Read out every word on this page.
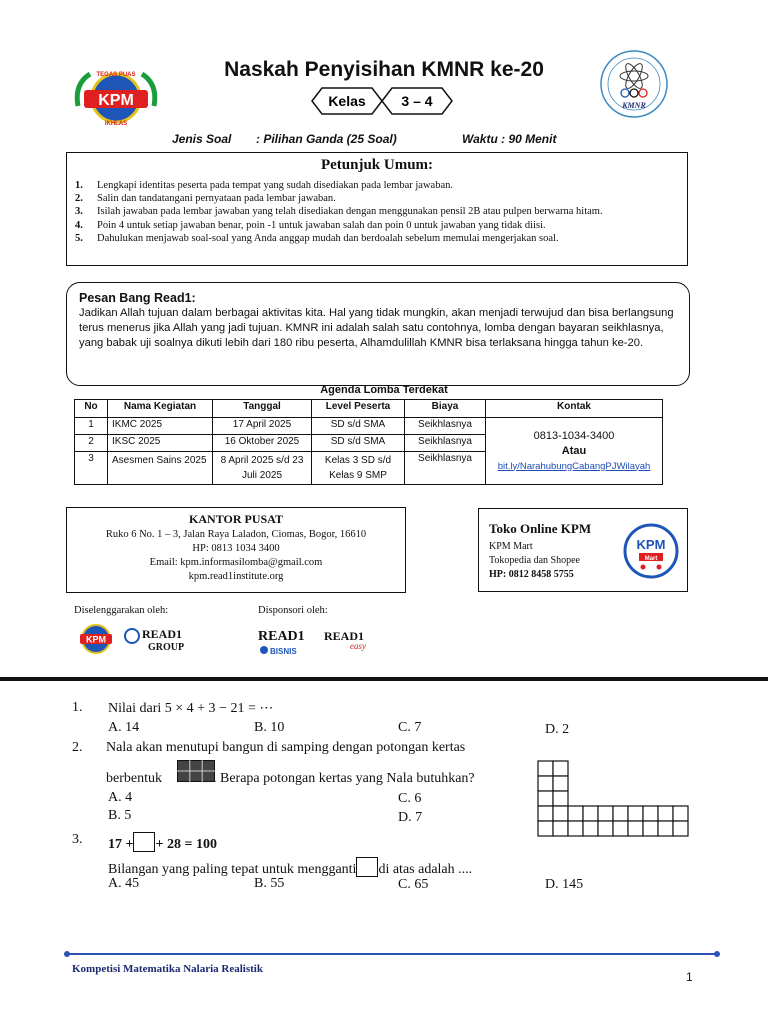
KPM
TEGAS PUAS
IKHLAS
Naskah Penyisihan KMNR ke-20
Kelas	3 – 4	KMNR
Jenis Soal : Pilihan Ganda (25 Soal)	Waktu : 90 Menit
Petunjuk Umum:
1.	Lengkapi identitas peserta pada tempat yang sudah disediakan pada lembar jawaban.
2.	Salin dan tandatangani pernyataan pada lembar jawaban.
3.	Isilah jawaban pada lembar jawaban yang telah disediakan dengan menggunakan pensil 2B atau pulpen berwarna hitam.
4.	Poin 4 untuk setiap jawaban benar, poin -1 untuk jawaban salah dan poin 0 untuk jawaban yang tidak diisi.
5.	Dahulukan menjawab soal-soal yang Anda anggap mudah dan berdoalah sebelum memulai mengerjakan soal.
Pesan Bang Read1:
Jadikan Allah tujuan dalam berbagai aktivitas kita. Hal yang tidak mungkin, akan menjadi terwujud dan bisa berlangsung terus menerus jika Allah yang jadi tujuan. KMNR ini adalah salah satu contohnya, lomba dengan bayaran seikhlasnya, yang babak uji soalnya dikuti lebih dari 180 ribu peserta, Alhamdulillah KMNR bisa terlaksana hingga tahun ke-20.
Agenda Lomba Terdekat
No	Nama Kegiatan	Tanggal	Level Peserta	Biaya	Kontak
1	IKMC 2025	17 April 2025	SD s/d SMA	Seikhlasnya	0813-1034-3400
Atau
bit.ly/NarahubungCabangPJWilayah

2	IKSC 2025	16 Oktober 2025	SD s/d SMA	Seikhlasnya	
3	Asesmen Sains 2025	8 April 2025 s/d 23 Juli 2025	Kelas 3 SD s/d Kelas 9 SMP	Seikhlasnya	
KANTOR PUSAT
Ruko 6 No. 1 – 3, Jalan Raya Laladon, Ciomas, Bogor, 16610
HP: 0813 1034 3400
Email: kpm.informasilomba@gmail.com
kpm.read1institute.org
Toko Online KPM
KPM Mart
Tokopedia dan Shopee
HP: 0812 8458 5755
KPM
Mart
Diselenggarakan oleh:	Disponsori oleh:
KPM	READ1
GROUP
READ1
BISNIS
READ1
easy
1. Nilai dari 5 × 4 + 3 − 21 = ⋯
A. 14	B. 10	C. 7	D. 2
2. Nala akan menutupi bangun di samping dengan potongan kertas
berbentuk	. Berapa potongan kertas yang Nala butuhkan?
A. 4	C. 6
B. 5	D. 7
3. 17 + + 28 = 100
Bilangan yang paling tepat untuk mengganti di atas adalah ....
A. 45	B. 55	C. 65	D. 145
Kompetisi Matematika Nalaria Realistik
1
